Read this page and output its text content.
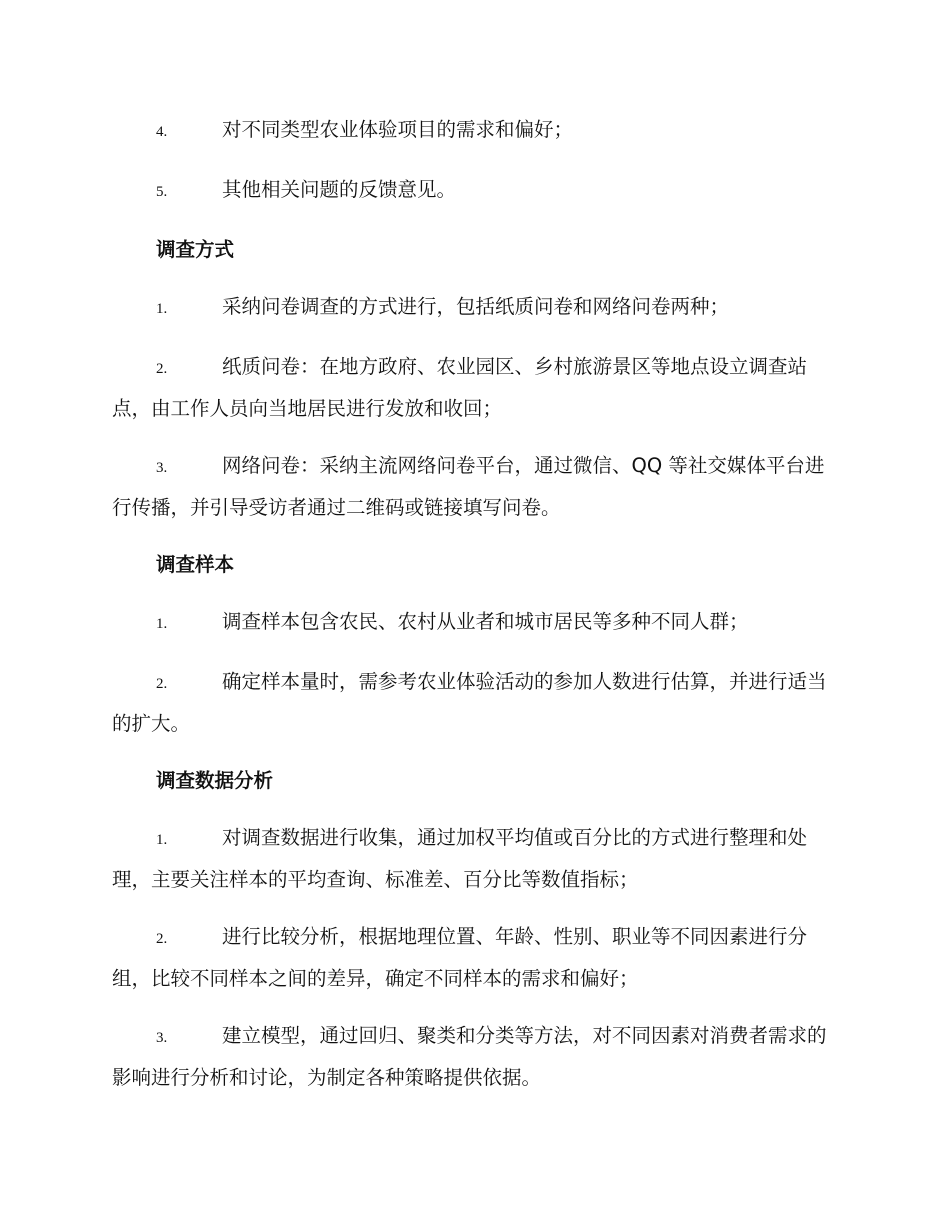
4.	对不同类型农业体验项目的需求和偏好；
5.	其他相关问题的反馈意见。
调查方式
1.	采纳问卷调查的方式进行，包括纸质问卷和网络问卷两种；
2.	纸质问卷：在地方政府、农业园区、乡村旅游景区等地点设立调查站点，由工作人员向当地居民进行发放和收回；
3.	网络问卷：采纳主流网络问卷平台，通过微信、QQ 等社交媒体平台进行传播，并引导受访者通过二维码或链接填写问卷。
调查样本
1.	调查样本包含农民、农村从业者和城市居民等多种不同人群；
2.	确定样本量时，需参考农业体验活动的参加人数进行估算，并进行适当的扩大。
调查数据分析
1.	对调查数据进行收集，通过加权平均值或百分比的方式进行整理和处理，主要关注样本的平均查询、标准差、百分比等数值指标；
2.	进行比较分析，根据地理位置、年龄、性别、职业等不同因素进行分组，比较不同样本之间的差异，确定不同样本的需求和偏好；
3.	建立模型，通过回归、聚类和分类等方法，对不同因素对消费者需求的影响进行分析和讨论，为制定各种策略提供依据。
